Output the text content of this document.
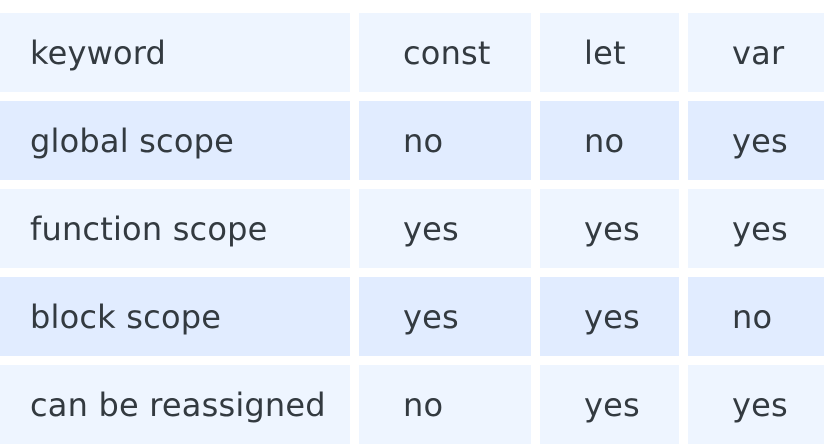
keyword	const	let	var
global scope	no	no	yes
function scope	yes	yes	yes
block scope	yes	yes	no
can be reassigned	no	yes	yes
